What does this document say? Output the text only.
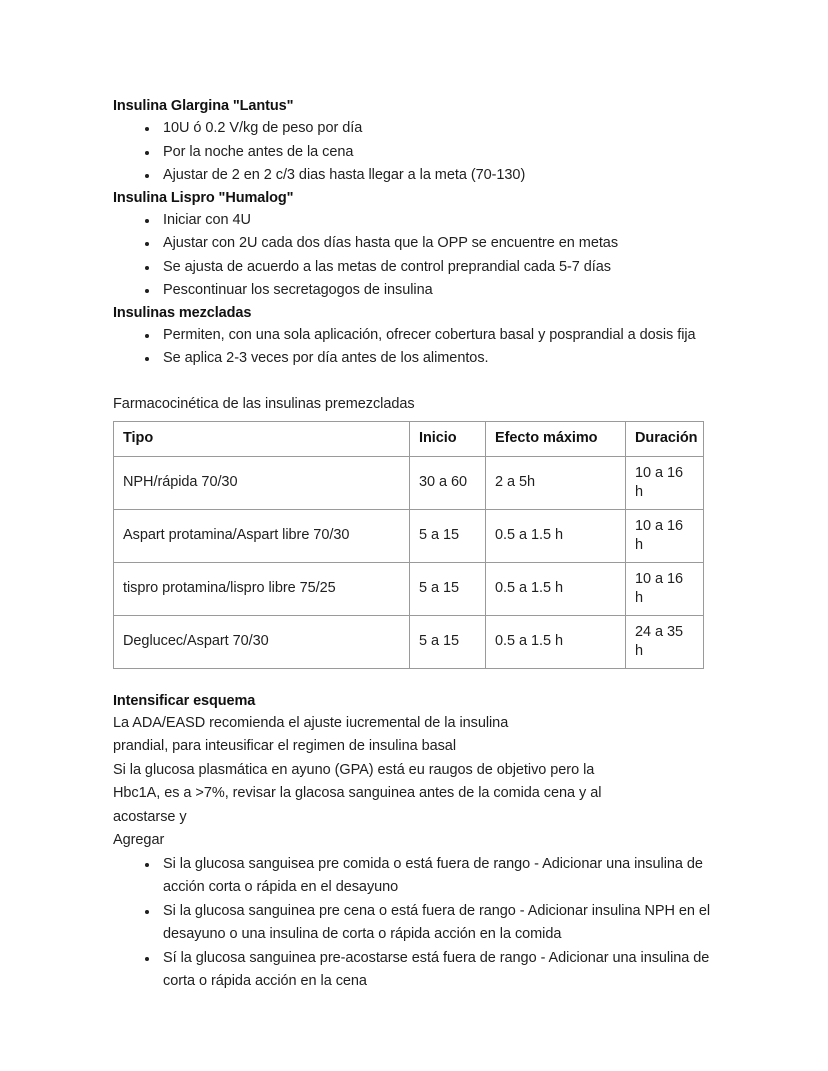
Insulina Glargina "Lantus"
10U ó 0.2 V/kg de peso por día
Por la noche antes de la cena
Ajustar de 2 en 2 c/3 dias hasta llegar a la meta (70-130)
Insulina Lispro "Humalog"
Iniciar con 4U
Ajustar con 2U cada dos días hasta que la OPP se encuentre en metas
Se ajusta de acuerdo a las metas de control preprandial cada 5-7 días
Pescontinuar los secretagogos de insulina
Insulinas mezcladas
Permiten, con una sola aplicación, ofrecer cobertura basal y posprandial a dosis fija
Se aplica 2-3 veces por día antes de los alimentos.

Farmacocinética de las insulinas premezcladas

Tipo	Inicio	Efecto máximo	Duración
NPH/rápida 70/30	30 a 60	2 a 5h	10 a 16 h
Aspart protamina/Aspart libre 70/30	5 a 15	0.5 a 1.5 h	10 a 16 h
tispro protamina/lispro libre 75/25	5 a 15	0.5 a 1.5 h	10 a 16 h
Deglucec/Aspart 70/30	5 a 15	0.5 a 1.5 h	24 a 35 h
Intensificar esquema

La ADA/EASD recomienda el ajuste iucremental de la insulina

prandial, para inteusificar el regimen de insulina basal

Si la glucosa plasmática en ayuno (GPA) está eu raugos de objetivo pero la

Hbc1A, es a >7%, revisar la glacosa sanguinea antes de la comida cena y al

acostarse y

Agregar

Si la glucosa sanguisea pre comida o está fuera de rango - Adicionar una insulina de acción corta o rápida en el desayuno
Si la glucosa sanguinea pre cena o está fuera de rango - Adicionar insulina NPH en el desayuno o una insulina de corta o rápida acción en la comida
Sí la glucosa sanguinea pre-acostarse está fuera de rango - Adicionar una insulina de corta o rápida acción en la cena
